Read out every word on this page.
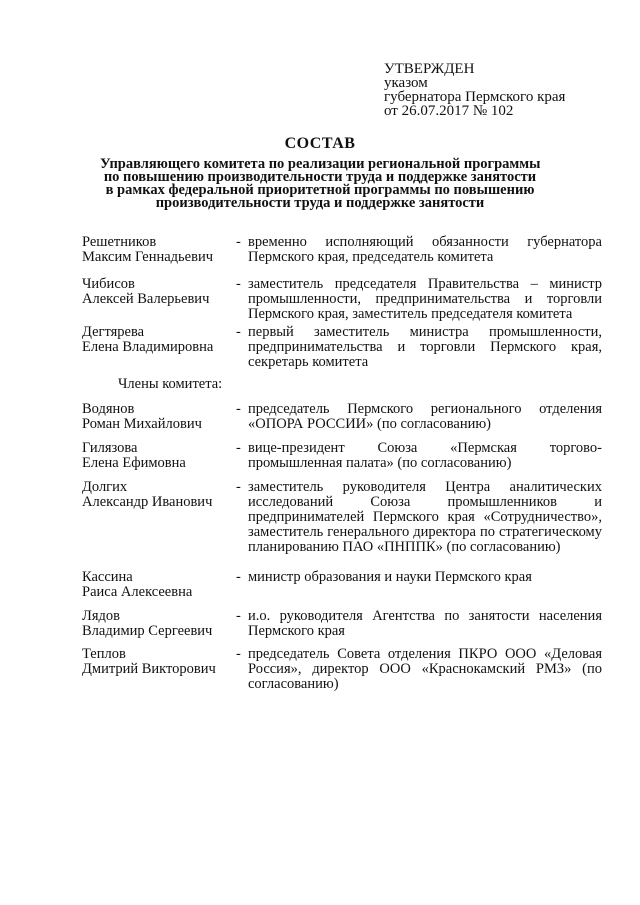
УТВЕРЖДЕН
указом
губернатора Пермского края
от 26.07.2017 № 102
СОСТАВ
Управляющего комитета по реализации региональной программы
по повышению производительности труда и поддержке занятости
в рамках федеральной приоритетной программы по повышению
производительности труда и поддержке занятости
Решетников
Максим Геннадьевич
- временно исполняющий обязанности губернатора Пермского края, председатель комитета
Чибисов
Алексей Валерьевич
- заместитель председателя Правительства – министр промышленности, предпринимательства и торговли Пермского края, заместитель председателя комитета
Дегтярева
Елена Владимировна
- первый заместитель министра промышленности, предпринимательства и торговли Пермского края, секретарь комитета
Члены комитета:
Водянов
Роман Михайлович
- председатель Пермского регионального отделения «ОПОРА РОССИИ» (по согласованию)
Гилязова
Елена Ефимовна
- вице-президент Союза «Пермская торгово-промышленная палата» (по согласованию)
Долгих
Александр Иванович
- заместитель руководителя Центра аналитических исследований Союза промышленников и предпринимателей Пермского края «Сотрудничество», заместитель генерального директора по стратегическому планированию ПАО «ПНППК» (по согласованию)
Кассина
Раиса Алексеевна
- министр образования и науки Пермского края
Лядов
Владимир Сергеевич
- и.о. руководителя Агентства по занятости населения Пермского края
Теплов
Дмитрий Викторович
- председатель Совета отделения ПКРО ООО «Деловая Россия», директор ООО «Краснокамский РМЗ» (по согласованию)
